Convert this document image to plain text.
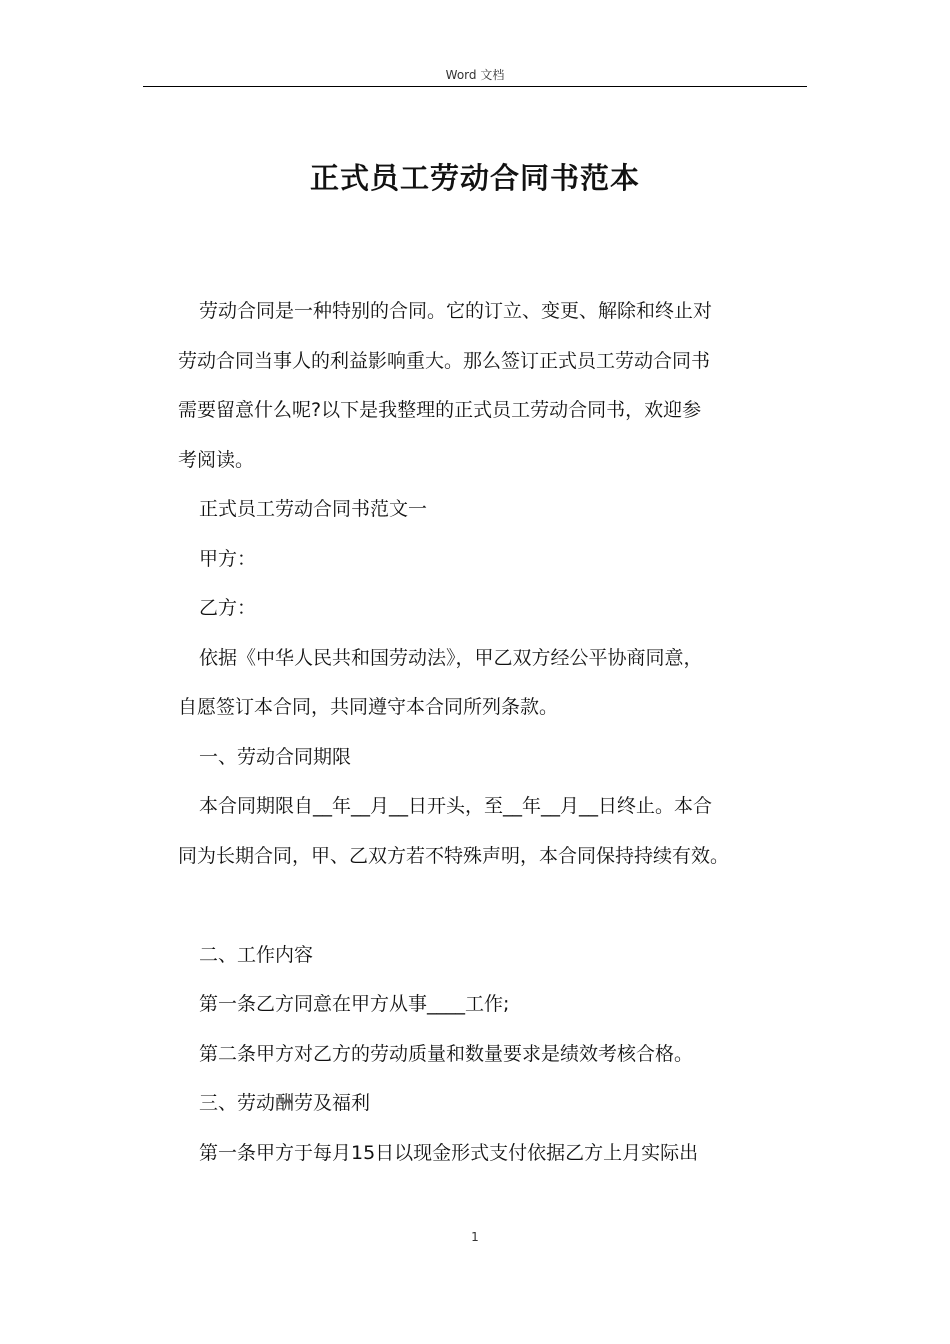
Word 文档
正式员工劳动合同书范本

劳动合同是一种特别的合同。它的订立、变更、解除和终止对

劳动合同当事人的利益影响重大。那么签订正式员工劳动合同书

需要留意什么呢?以下是我整理的正式员工劳动合同书，欢迎参

考阅读。

正式员工劳动合同书范文一

甲方：

乙方：

依据《中华人民共和国劳动法》，甲乙双方经公平协商同意，

自愿签订本合同，共同遵守本合同所列条款。

一、劳动合同期限

本合同期限自__年__月__日开头，至__年__月__日终止。本合

同为长期合同，甲、乙双方若不特殊声明，本合同保持持续有效。

二、工作内容

第一条乙方同意在甲方从事____工作;

第二条甲方对乙方的劳动质量和数量要求是绩效考核合格。

三、劳动酬劳及福利

第一条甲方于每月15日以现金形式支付依据乙方上月实际出

1
